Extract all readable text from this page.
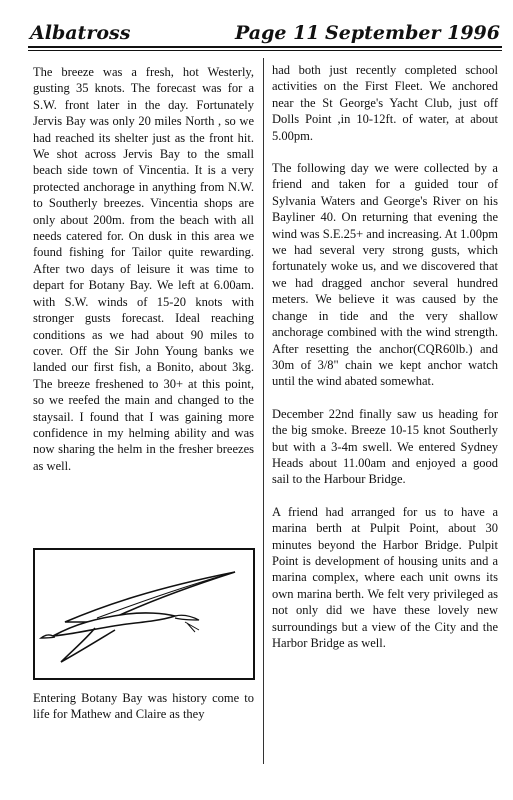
Albatross	Page 11 September 1996

The breeze was a fresh, hot Westerly, gusting 35 knots. The forecast was for a S.W. front later in the day. Fortunately Jervis Bay was only 20 miles North , so we had reached its shelter just as the front hit. We shot across Jervis Bay to the small beach side town of Vincentia. It is a very protected anchorage in anything from N.W. to Southerly breezes. Vincentia shops are only about 200m. from the beach with all needs catered for. On dusk in this area we found fishing for Tailor quite rewarding. After two days of leisure it was time to depart for Botany Bay. We left at 6.00am. with S.W. winds of 15-20 knots with stronger gusts forecast. Ideal reaching conditions as we had about 90 miles to cover. Off the Sir John Young banks we landed our first fish, a Bonito, about 3kg. The breeze freshened to 30+ at this point, so we reefed the main and changed to the staysail. I found that I was gaining more confidence in my helming ability and was now sharing the helm in the fresher breezes as well.

Entering Botany Bay was history come to life for Mathew and Claire as they

had both just recently completed school activities on the First Fleet. We anchored near the St George's Yacht Club, just off Dolls Point ,in 10-12ft. of water, at about 5.00pm.

The following day we were collected by a friend and taken for a guided tour of Sylvania Waters and George's River on his Bayliner 40. On returning that evening the wind was S.E.25+ and increasing. At 1.00pm we had several very strong gusts, which fortunately woke us, and we discovered that we had dragged anchor several hundred meters. We believe it was caused by the change in tide and the very shallow anchorage combined with the wind strength. After resetting the anchor(CQR60lb.) and 30m of 3/8" chain we kept anchor watch until the wind abated somewhat.

December 22nd finally saw us heading for the big smoke. Breeze 10-15 knot Southerly but with a 3-4m swell. We entered Sydney Heads about 11.00am and enjoyed a good sail to the Harbour Bridge.

A friend had arranged for us to have a marina berth at Pulpit Point, about 30 minutes beyond the Harbor Bridge. Pulpit Point is development of housing units and a marina complex, where each unit owns its own marina berth. We felt very privileged as not only did we have these lovely new surroundings but a view of the City and the Harbor Bridge as well.
